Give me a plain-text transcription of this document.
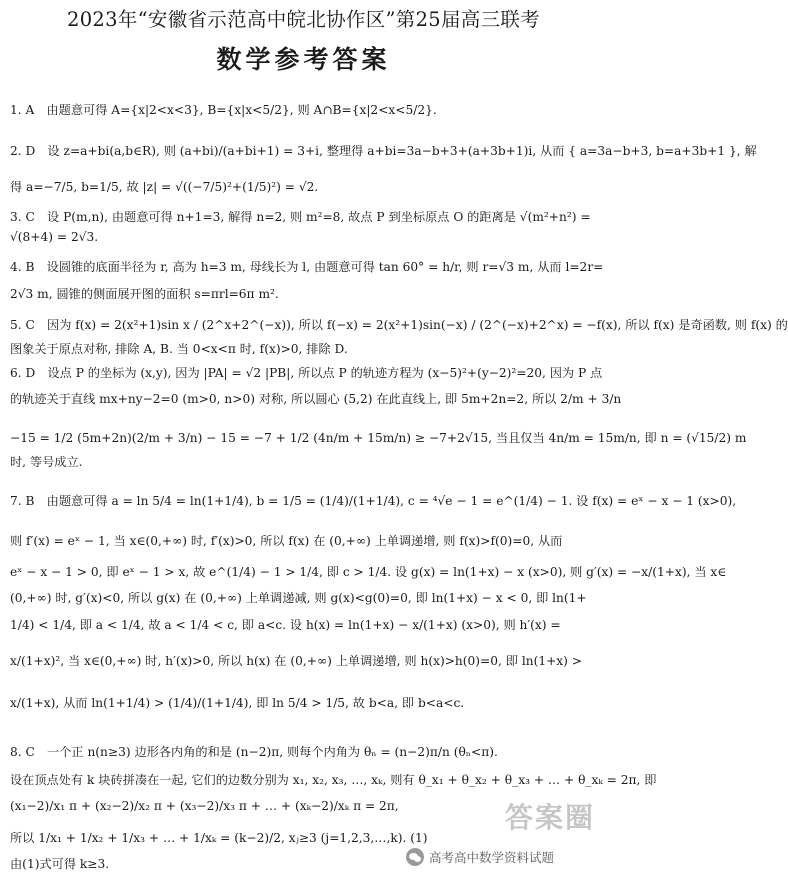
2023年“安徽省示范高中皖北协作区”第25届高三联考
数学参考答案
1. A　由题意可得 A={x|2<x<3}, B={x|x<5/2}, 则 A∩B={x|2<x<5/2}.
2. D　设 z=a+bi(a,b∈R), 则 (a+bi)/(a+bi+1) = 3+i, 整理得 a+bi=3a−b+3+(a+3b+1)i, 从而 { a=3a−b+3, b=a+3b+1 }, 解
得 a=−7/5, b=1/5, 故 |z| = √((−7/5)²+(1/5)²) = √2.
3. C　设 P(m,n), 由题意可得 n+1=3, 解得 n=2, 则 m²=8, 故点 P 到坐标原点 O 的距离是 √(m²+n²) =
√(8+4) = 2√3.
4. B　设圆锥的底面半径为 r, 高为 h=3 m, 母线长为 l, 由题意可得 tan 60° = h/r, 则 r=√3 m, 从而 l=2r=
2√3 m, 圆锥的侧面展开图的面积 s=πrl=6π m².
5. C　因为 f(x) = 2(x²+1)sin x / (2^x+2^(−x)), 所以 f(−x) = 2(x²+1)sin(−x) / (2^(−x)+2^x) = −f(x), 所以 f(x) 是奇函数, 则 f(x) 的
图象关于原点对称, 排除 A, B. 当 0<x<π 时, f(x)>0, 排除 D.
6. D　设点 P 的坐标为 (x,y), 因为 |PA| = √2 |PB|, 所以点 P 的轨迹方程为 (x−5)²+(y−2)²=20, 因为 P 点
的轨迹关于直线 mx+ny−2=0 (m>0, n>0) 对称, 所以圆心 (5,2) 在此直线上, 即 5m+2n=2, 所以 2/m + 3/n
−15 = 1/2 (5m+2n)(2/m + 3/n) − 15 = −7 + 1/2 (4n/m + 15m/n) ≥ −7+2√15, 当且仅当 4n/m = 15m/n, 即 n = (√15/2) m
时, 等号成立.
7. B　由题意可得 a = ln 5/4 = ln(1+1/4), b = 1/5 = (1/4)/(1+1/4), c = ⁴√e − 1 = e^(1/4) − 1. 设 f(x) = eˣ − x − 1 (x>0),
则 f′(x) = eˣ − 1, 当 x∈(0,+∞) 时, f′(x)>0, 所以 f(x) 在 (0,+∞) 上单调递增, 则 f(x)>f(0)=0, 从而
eˣ − x − 1 > 0, 即 eˣ − 1 > x, 故 e^(1/4) − 1 > 1/4, 即 c > 1/4. 设 g(x) = ln(1+x) − x (x>0), 则 g′(x) = −x/(1+x), 当 x∈
(0,+∞) 时, g′(x)<0, 所以 g(x) 在 (0,+∞) 上单调递减, 则 g(x)<g(0)=0, 即 ln(1+x) − x < 0, 即 ln(1+
1/4) < 1/4, 即 a < 1/4, 故 a < 1/4 < c, 即 a<c. 设 h(x) = ln(1+x) − x/(1+x) (x>0), 则 h′(x) =
x/(1+x)², 当 x∈(0,+∞) 时, h′(x)>0, 所以 h(x) 在 (0,+∞) 上单调递增, 则 h(x)>h(0)=0, 即 ln(1+x) >
x/(1+x), 从而 ln(1+1/4) > (1/4)/(1+1/4), 即 ln 5/4 > 1/5, 故 b<a, 即 b<a<c.
8. C　一个正 n(n≥3) 边形各内角的和是 (n−2)π, 则每个内角为 θₙ = (n−2)π/n (θₙ<π).
设在顶点处有 k 块砖拼凑在一起, 它们的边数分别为 x₁, x₂, x₃, …, xₖ, 则有 θ_x₁ + θ_x₂ + θ_x₃ + … + θ_xₖ = 2π, 即
(x₁−2)/x₁ π + (x₂−2)/x₂ π + (x₃−2)/x₃ π + … + (xₖ−2)/xₖ π = 2π,
所以 1/x₁ + 1/x₂ + 1/x₃ + … + 1/xₖ = (k−2)/2, xⱼ≥3 (j=1,2,3,…,k). (1)
由(1)式可得 k≥3.
答案圈
高考高中数学资料试题
